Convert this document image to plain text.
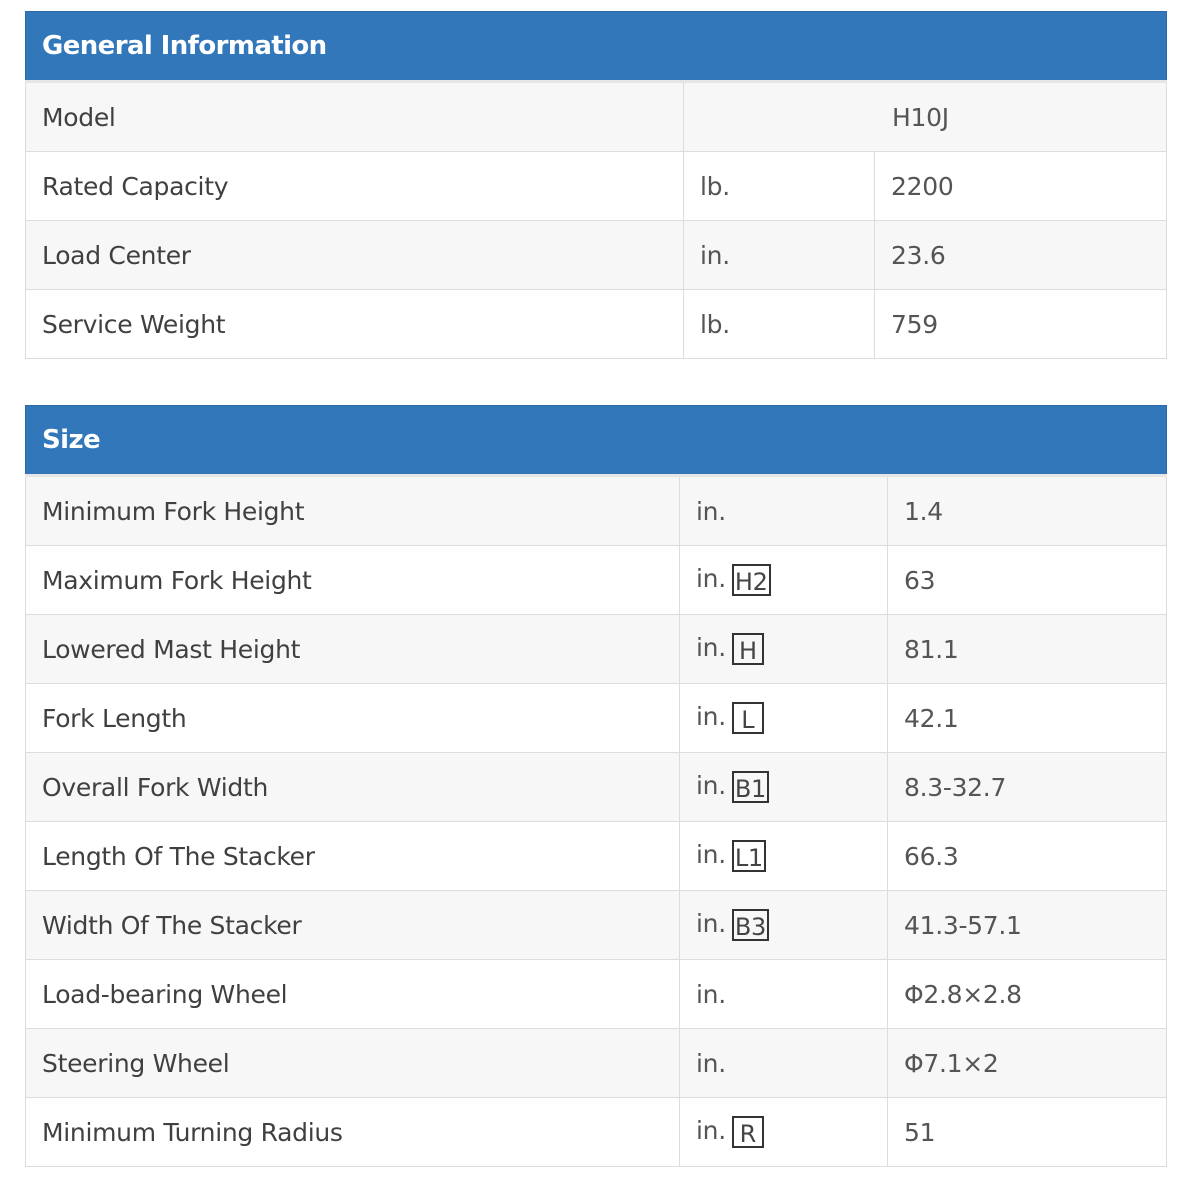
General Information		
Model	H10J	
Rated Capacity	lb.	2200
Load Center	in.	23.6
Service Weight	lb.	759
Size		
Minimum Fork Height	in.	1.4
Maximum Fork Height	in. H2	63
Lowered Mast Height	in. H	81.1
Fork Length	in. L	42.1
Overall Fork Width	in. B1	8.3-32.7
Length Of The Stacker	in. L1	66.3
Width Of The Stacker	in. B3	41.3-57.1
Load-bearing Wheel	in.	Φ2.8×2.8
Steering Wheel	in.	Φ7.1×2
Minimum Turning Radius	in. R	51
